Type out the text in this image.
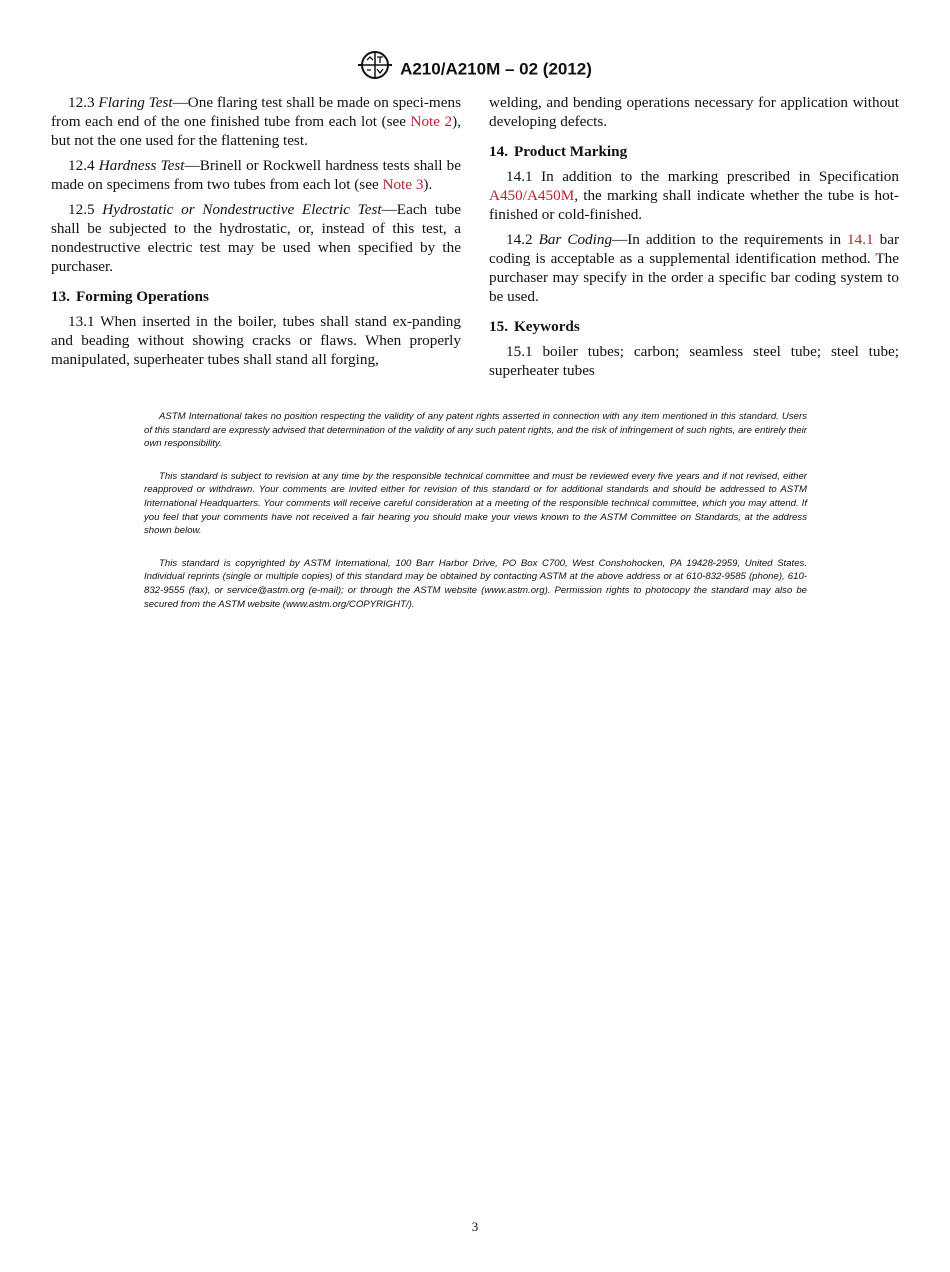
A210/A210M – 02 (2012)

12.3 Flaring Test—One flaring test shall be made on speci-mens from each end of the one finished tube from each lot (see Note 2), but not the one used for the flattening test.

12.4 Hardness Test—Brinell or Rockwell hardness tests shall be made on specimens from two tubes from each lot (see Note 3).

12.5 Hydrostatic or Nondestructive Electric Test—Each tube shall be subjected to the hydrostatic, or, instead of this test, a nondestructive electric test may be used when specified by the purchaser.

13. Forming Operations

13.1 When inserted in the boiler, tubes shall stand ex-panding and beading without showing cracks or flaws. When properly manipulated, superheater tubes shall stand all forging,

welding, and bending operations necessary for application without developing defects.

14. Product Marking

14.1 In addition to the marking prescribed in Specification A450/A450M, the marking shall indicate whether the tube is hot-finished or cold-finished.

14.2 Bar Coding—In addition to the requirements in 14.1 bar coding is acceptable as a supplemental identification method. The purchaser may specify in the order a specific bar coding system to be used.

15. Keywords

15.1 boiler tubes; carbon; seamless steel tube; steel tube; superheater tubes

ASTM International takes no position respecting the validity of any patent rights asserted in connection with any item mentioned in this standard. Users of this standard are expressly advised that determination of the validity of any such patent rights, and the risk of infringement of such rights, are entirely their own responsibility.

This standard is subject to revision at any time by the responsible technical committee and must be reviewed every five years and if not revised, either reapproved or withdrawn. Your comments are invited either for revision of this standard or for additional standards and should be addressed to ASTM International Headquarters. Your comments will receive careful consideration at a meeting of the responsible technical committee, which you may attend. If you feel that your comments have not received a fair hearing you should make your views known to the ASTM Committee on Standards, at the address shown below.

This standard is copyrighted by ASTM International, 100 Barr Harbor Drive, PO Box C700, West Conshohocken, PA 19428-2959, United States. Individual reprints (single or multiple copies) of this standard may be obtained by contacting ASTM at the above address or at 610-832-9585 (phone), 610-832-9555 (fax), or service@astm.org (e-mail); or through the ASTM website (www.astm.org). Permission rights to photocopy the standard may also be secured from the ASTM website (www.astm.org/COPYRIGHT/).

3
